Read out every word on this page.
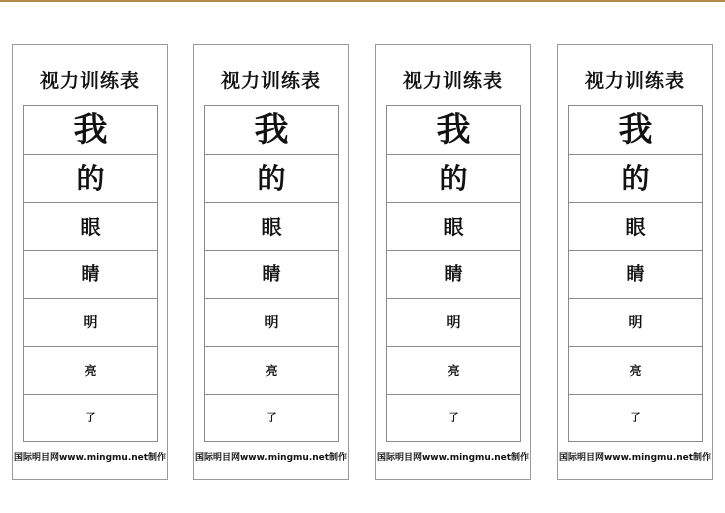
视力训练表
我
的
眼
睛
明
亮
了
国际明目网www.mingmu.net制作
视力训练表
我
的
眼
睛
明
亮
了
国际明目网www.mingmu.net制作
视力训练表
我
的
眼
睛
明
亮
了
国际明目网www.mingmu.net制作
视力训练表
我
的
眼
睛
明
亮
了
国际明目网www.mingmu.net制作
